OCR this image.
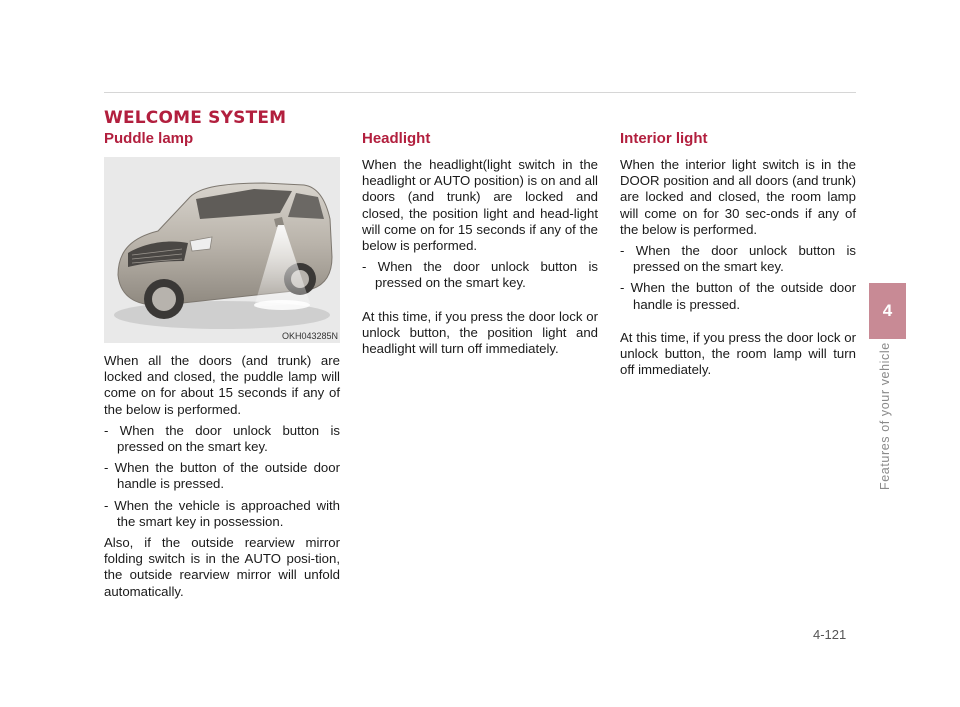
WELCOME SYSTEM
Puddle lamp
OKH043285N

When all the doors (and trunk) are locked and closed, the puddle lamp will come on for about 15 seconds if any of the below is performed.

- When the door unlock button is pressed on the smart key.

- When the button of the outside door handle is pressed.

- When the vehicle is approached with the smart key in possession.

Also, if the outside rearview mirror folding switch is in the AUTO posi-tion, the outside rearview mirror will unfold automatically.

Headlight

When the headlight(light switch in the headlight or AUTO position) is on and all doors (and trunk) are locked and closed, the position light and head-light will come on for 15 seconds if any of the below is performed.

- When the door unlock button is pressed on the smart key.

At this time, if you press the door lock or unlock button, the position light and headlight will turn off immediately.

Interior light

When the interior light switch is in the DOOR position and all doors (and trunk) are locked and closed, the room lamp will come on for 30 sec-onds if any of the below is performed.

- When the door unlock button is pressed on the smart key.

- When the button of the outside door handle is pressed.

At this time, if you press the door lock or unlock button, the room lamp will turn off immediately.

4
Features of your vehicle
4-121
